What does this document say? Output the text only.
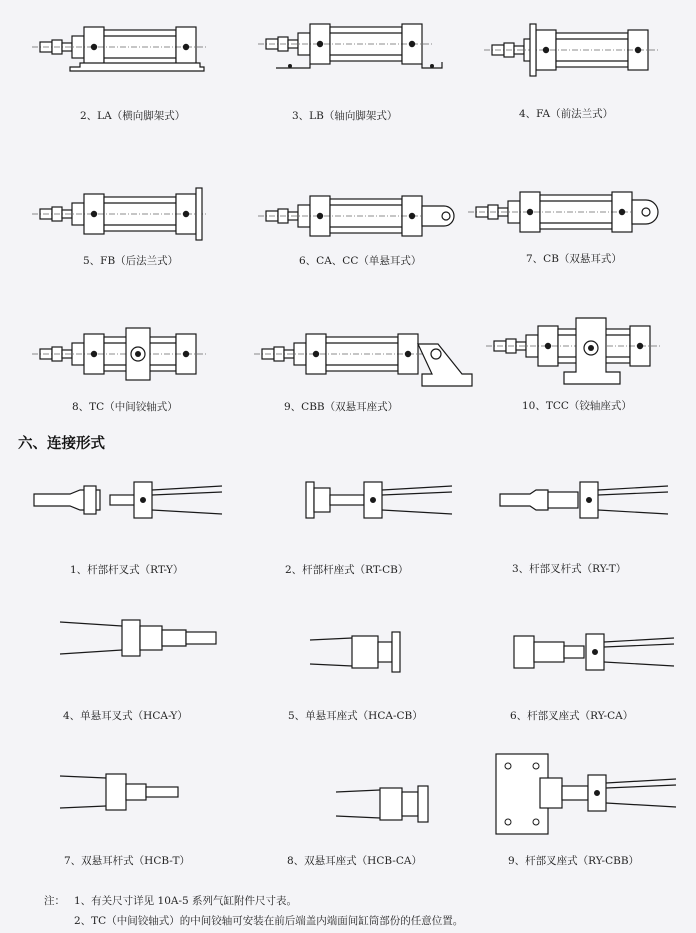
2、LA（横向脚架式）	3、LB（轴向脚架式）	4、FA（前法兰式）
5、FB（后法兰式）	6、CA、CC（单悬耳式）	7、CB（双悬耳式）
8、TC（中间铰轴式）	9、CBB（双悬耳座式）	10、TCC（铰轴座式）
六、连接形式
1、杆部杆叉式（RT-Y）	2、杆部杆座式（RT-CB）	3、杆部叉杆式（RY-T）
4、单悬耳叉式（HCA-Y）	5、单悬耳座式（HCA-CB）	6、杆部叉座式（RY-CA）
7、双悬耳杆式（HCB-T）	8、双悬耳座式（HCB-CA）	9、杆部叉座式（RY-CBB）
注： 1、有关尺寸详见 10A-5 系列气缸附件尺寸表。
2、TC（中间铰轴式）的中间铰轴可安装在前后端盖内端面间缸筒部份的任意位置。
